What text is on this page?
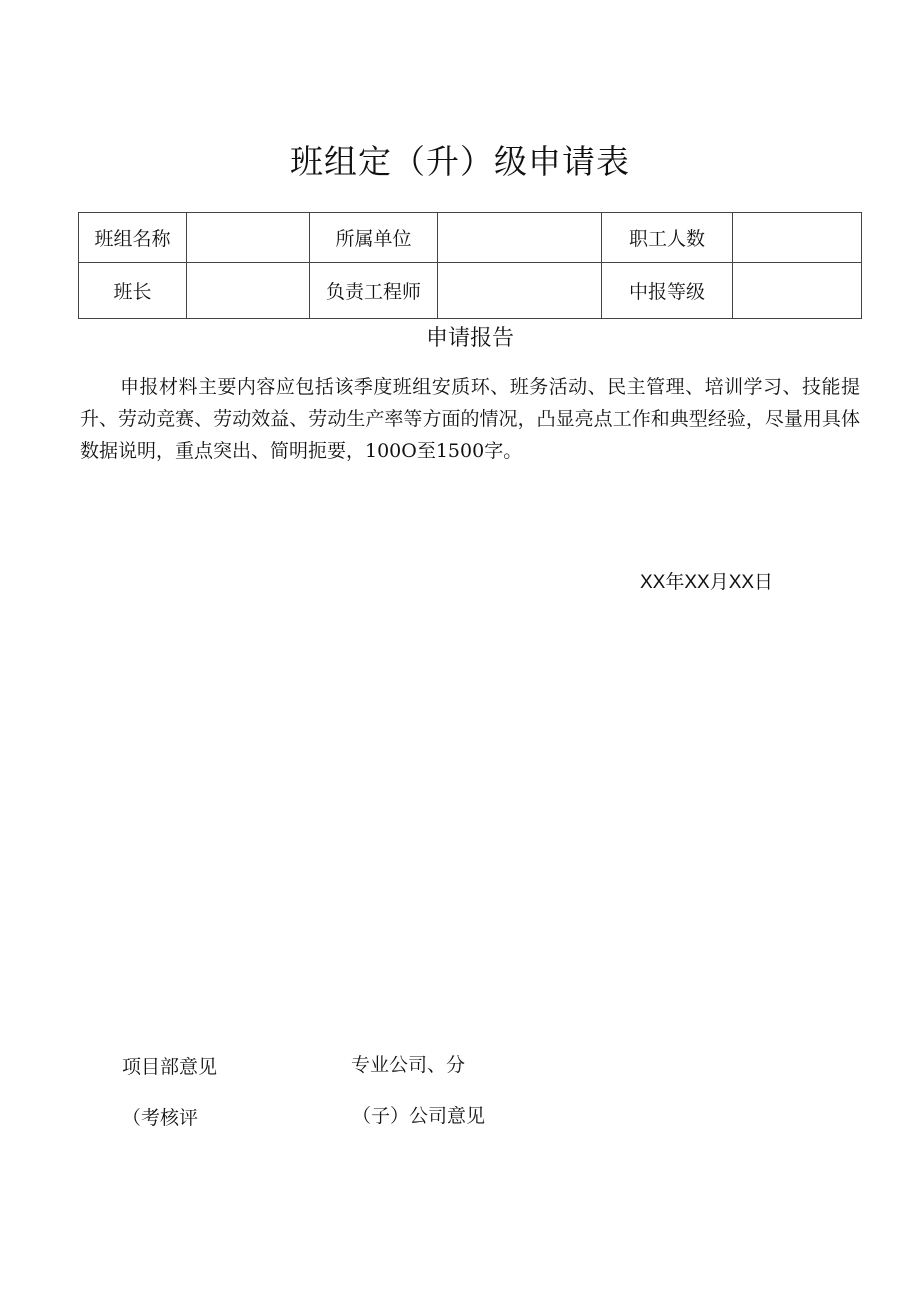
班组定（升）级申请表
班组名称		所属单位		职工人数	
班长		负责工程师		中报等级	
申请报告

申报材料主要内容应包括该季度班组安质环、班务活动、民主管理、培训学习、技能提升、劳动竞赛、劳动效益、劳动生产率等方面的情况，凸显亮点工作和典型经验，尽量用具体数据说明，重点突出、简明扼要，100O至1500字。

XX年XX月XX日
项目部意见
（考核评
专业公司、分
（子）公司意见
